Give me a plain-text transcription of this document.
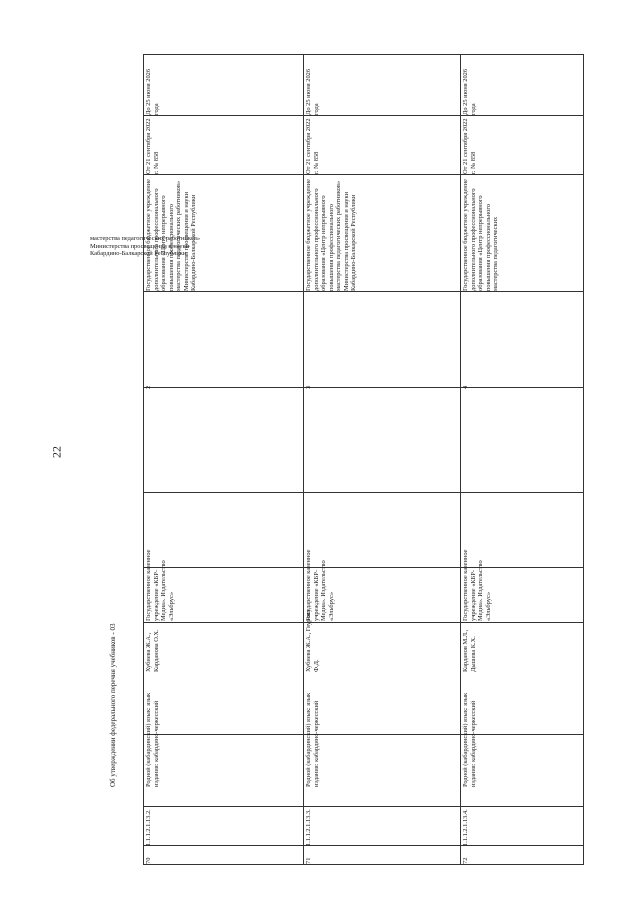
22
Об утверждении федерального перечня учебников - 03
мастерства педагогических работников» Министерства просвещения и науки Кабардино-Балкарской Республики
70
1.1.1.2.1.13.2.
Родной (кабардинский) язык: язык издания: кабардино-черкесский
Хубиева Ж.А., Карданова О.Х.
Государственное казенное учреждение «КБР-Медиа». Издательство «Эльбрус»
2
Государственное бюджетное учреждение дополнительного профессионального образования «Центр непрерывного повышения профессионального мастерства педагогических работников» Министерства просвещения и науки Кабардино-Балкарской Республики
От 21 сентября 2022 г. № 858
До 25 июня 2026 года
71
1.1.1.2.1.13.3.
Родной (кабардинский) язык: язык издания: кабардино-черкесский
Хубиева Ж.А., Гяурова Ф.Д.
Государственное казенное учреждение «КБР-Медиа». Издательство «Эльбрус»
3
Государственное бюджетное учреждение дополнительного профессионального образования «Центр непрерывного повышения профессионального мастерства педагогических работников» Министерства просвещения и науки Кабардино-Балкарской Республики
От 21 сентября 2022 г. № 858
До 25 июня 2026 года
72
1.1.1.2.1.13.4.
Родной (кабардинский) язык: язык издания: кабардино-черкесский
Карданов М.Л., Дышева К.Х.
Государственное казенное учреждение «КБР-Медиа». Издательство «Эльбрус»
4
Государственное бюджетное учреждение дополнительного профессионального образования «Центр непрерывного повышения профессионального мастерства педагогических
От 21 сентября 2022 г. № 858
До 25 июня 2026 года
